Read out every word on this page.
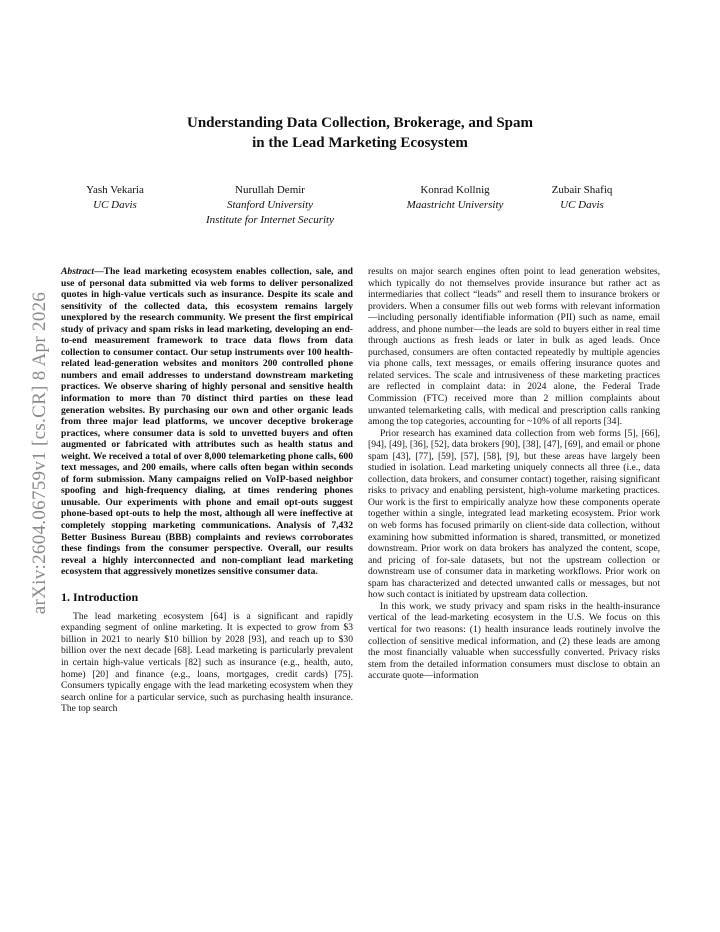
arXiv:2604.06759v1 [cs.CR] 8 Apr 2026
Understanding Data Collection, Brokerage, and Spam
in the Lead Marketing Ecosystem
Yash Vekaria
UC Davis
Nurullah Demir
Stanford University
Institute for Internet Security
Konrad Kollnig
Maastricht University
Zubair Shafiq
UC Davis

Abstract—The lead marketing ecosystem enables collection, sale, and use of personal data submitted via web forms to deliver personalized quotes in high-value verticals such as insurance. Despite its scale and sensitivity of the collected data, this ecosystem remains largely unexplored by the research community. We present the first empirical study of privacy and spam risks in lead marketing, developing an end-to-end measurement framework to trace data flows from data collection to consumer contact. Our setup instruments over 100 health-related lead-generation websites and monitors 200 controlled phone numbers and email addresses to understand downstream marketing practices. We observe sharing of highly personal and sensitive health information to more than 70 distinct third parties on these lead generation websites. By purchasing our own and other organic leads from three major lead platforms, we uncover deceptive brokerage practices, where consumer data is sold to unvetted buyers and often augmented or fabricated with attributes such as health status and weight. We received a total of over 8,000 telemarketing phone calls, 600 text messages, and 200 emails, where calls often began within seconds of form submission. Many campaigns relied on VoIP-based neighbor spoofing and high-frequency dialing, at times rendering phones unusable. Our experiments with phone and email opt-outs suggest phone-based opt-outs to help the most, although all were ineffective at completely stopping marketing communications. Analysis of 7,432 Better Business Bureau (BBB) complaints and reviews corroborates these findings from the consumer perspective. Overall, our results reveal a highly interconnected and non-compliant lead marketing ecosystem that aggressively monetizes sensitive consumer data.

1. Introduction

The lead marketing ecosystem [64] is a significant and rapidly expanding segment of online marketing. It is expected to grow from $3 billion in 2021 to nearly $10 billion by 2028 [93], and reach up to $30 billion over the next decade [68]. Lead marketing is particularly prevalent in certain high-value verticals [82] such as insurance (e.g., health, auto, home) [20] and finance (e.g., loans, mortgages, credit cards) [75]. Consumers typically engage with the lead marketing ecosystem when they search online for a particular service, such as purchasing health insurance. The top search

results on major search engines often point to lead generation websites, which typically do not themselves provide insurance but rather act as intermediaries that collect “leads” and resell them to insurance brokers or providers. When a consumer fills out web forms with relevant information—including personally identifiable information (PII) such as name, email address, and phone number—the leads are sold to buyers either in real time through auctions as fresh leads or later in bulk as aged leads. Once purchased, consumers are often contacted repeatedly by multiple agencies via phone calls, text messages, or emails offering insurance quotes and related services. The scale and intrusiveness of these marketing practices are reflected in complaint data: in 2024 alone, the Federal Trade Commission (FTC) received more than 2 million complaints about unwanted telemarketing calls, with medical and prescription calls ranking among the top categories, accounting for ~10% of all reports [34].

Prior research has examined data collection from web forms [5], [66], [94], [49], [36], [52], data brokers [90], [38], [47], [69], and email or phone spam [43], [77], [59], [57], [58], [9], but these areas have largely been studied in isolation. Lead marketing uniquely connects all three (i.e., data collection, data brokers, and consumer contact) together, raising significant risks to privacy and enabling persistent, high-volume marketing practices. Our work is the first to empirically analyze how these components operate together within a single, integrated lead marketing ecosystem. Prior work on web forms has focused primarily on client-side data collection, without examining how submitted information is shared, transmitted, or monetized downstream. Prior work on data brokers has analyzed the content, scope, and pricing of for-sale datasets, but not the upstream collection or downstream use of consumer data in marketing workflows. Prior work on spam has characterized and detected unwanted calls or messages, but not how such contact is initiated by upstream data collection.

In this work, we study privacy and spam risks in the health-insurance vertical of the lead-marketing ecosystem in the U.S. We focus on this vertical for two reasons: (1) health insurance leads routinely involve the collection of sensitive medical information, and (2) these leads are among the most financially valuable when successfully converted. Privacy risks stem from the detailed information consumers must disclose to obtain an accurate quote—information
